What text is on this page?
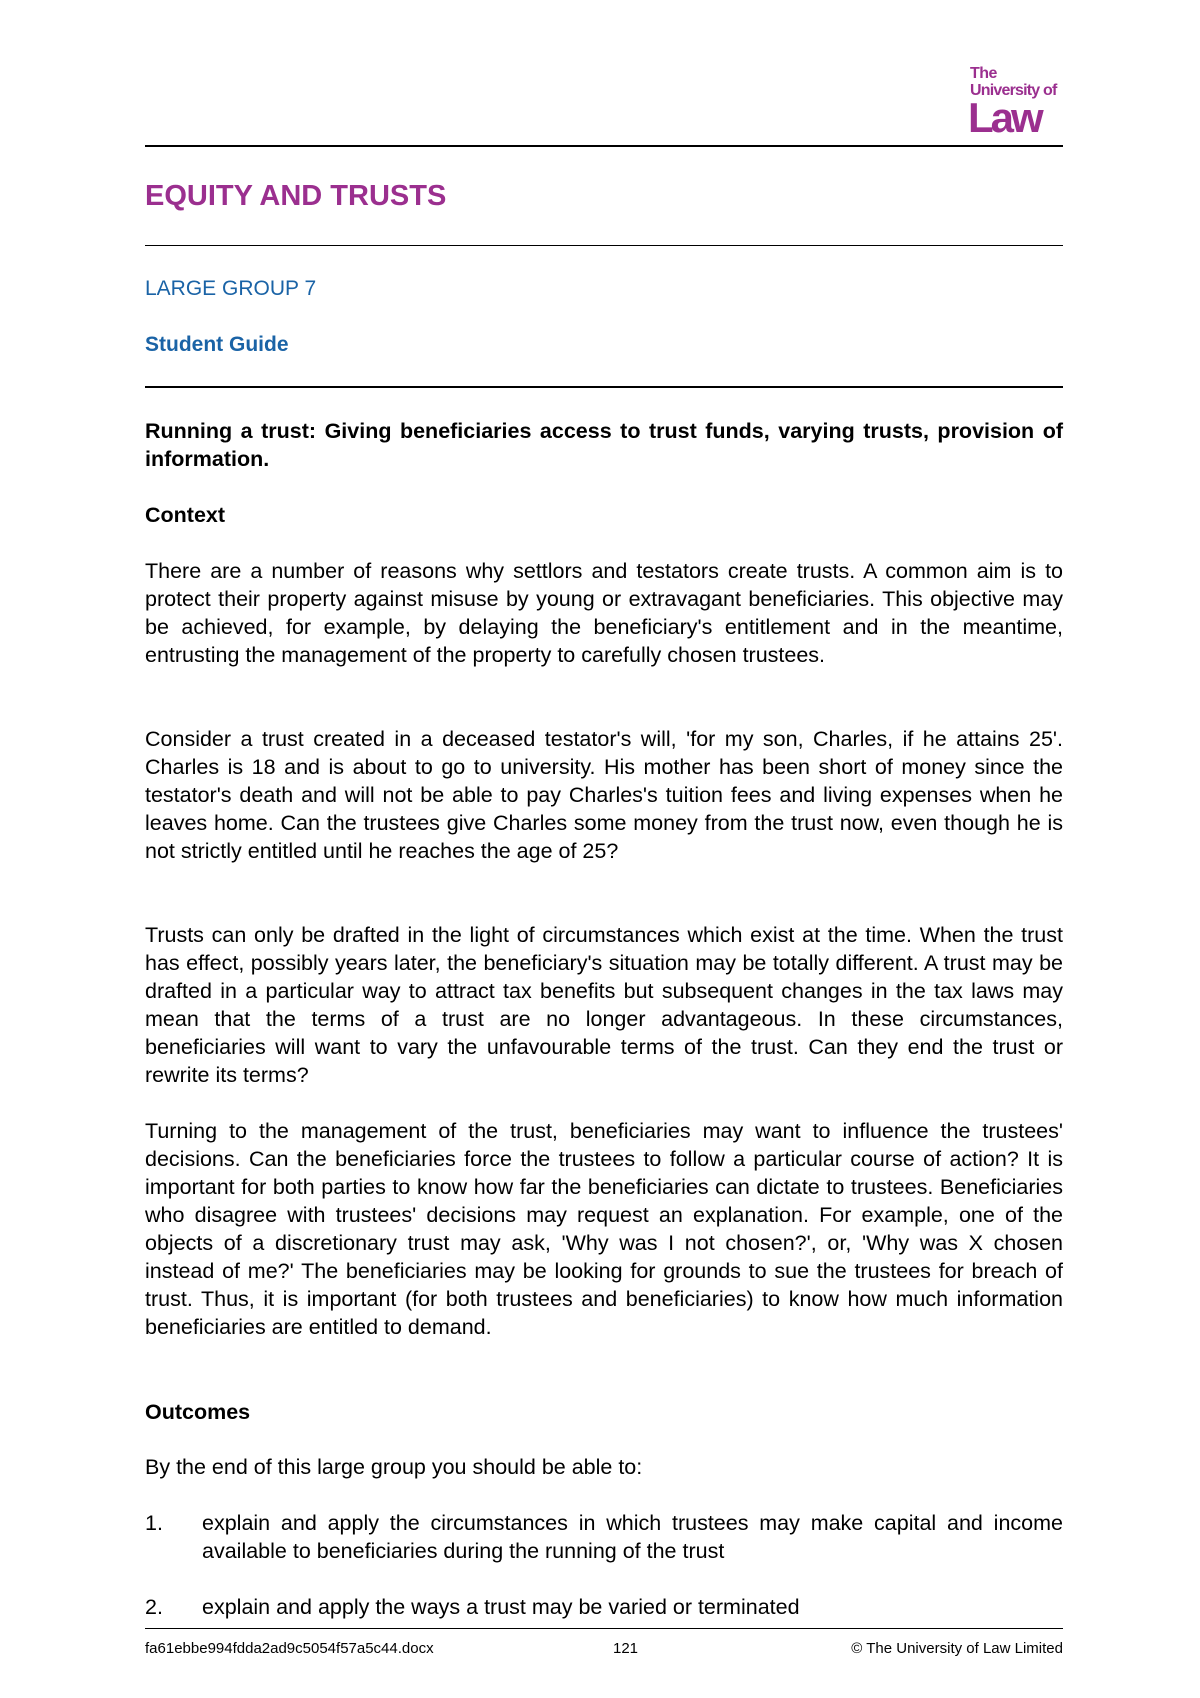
The
University of
Law
EQUITY AND TRUSTS
LARGE GROUP 7
Student Guide

Running a trust: Giving beneficiaries access to trust funds, varying trusts, provision of information.

Context

There are a number of reasons why settlors and testators create trusts. A common aim is to protect their property against misuse by young or extravagant beneficiaries. This objective may be achieved, for example, by delaying the beneficiary's entitlement and in the meantime, entrusting the management of the property to carefully chosen trustees.

Consider a trust created in a deceased testator's will, 'for my son, Charles, if he attains 25'. Charles is 18 and is about to go to university. His mother has been short of money since the testator's death and will not be able to pay Charles's tuition fees and living expenses when he leaves home. Can the trustees give Charles some money from the trust now, even though he is not strictly entitled until he reaches the age of 25?

Trusts can only be drafted in the light of circumstances which exist at the time. When the trust has effect, possibly years later, the beneficiary's situation may be totally different. A trust may be drafted in a particular way to attract tax benefits but subsequent changes in the tax laws may mean that the terms of a trust are no longer advantageous. In these circumstances, beneficiaries will want to vary the unfavourable terms of the trust. Can they end the trust or rewrite its terms?

Turning to the management of the trust, beneficiaries may want to influence the trustees' decisions. Can the beneficiaries force the trustees to follow a particular course of action? It is important for both parties to know how far the beneficiaries can dictate to trustees. Beneficiaries who disagree with trustees' decisions may request an explanation. For example, one of the objects of a discretionary trust may ask, 'Why was I not chosen?', or, 'Why was X chosen instead of me?' The beneficiaries may be looking for grounds to sue the trustees for breach of trust. Thus, it is important (for both trustees and beneficiaries) to know how much information beneficiaries are entitled to demand.

Outcomes

By the end of this large group you should be able to:

1. explain and apply the circumstances in which trustees may make capital and income available to beneficiaries during the running of the trust
2. explain and apply the ways a trust may be varied or terminated
fa61ebbe994fdda2ad9c5054f57a5c44.docx	121	© The University of Law Limited
